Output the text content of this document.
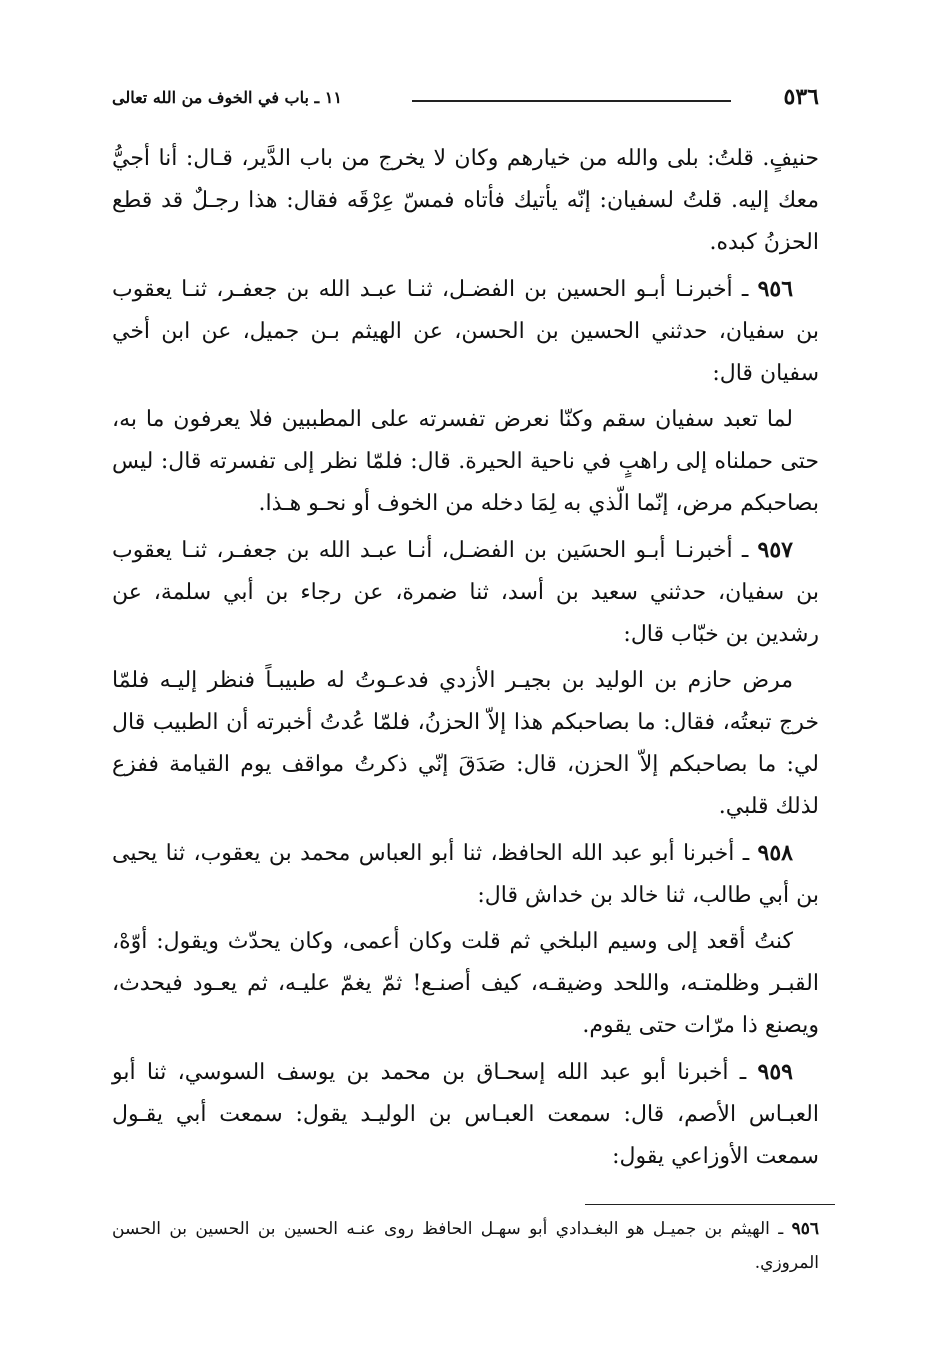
٥٣٦
١١ ـ باب في الخوف من الله تعالى

حنيفٍ. قلتُ: بلى والله من خيارهم وكان لا يخرج من باب الدَّير، قـال: أنا أجيُّ معك إليه. قلتُ لسفيان: إنّه يأتيك فأتاه فمسّ عِرْقَه فقال: هذا رجـلٌ قد قطع الحزنُ كبده.

٩٥٦ ـ أخبرنـا أبـو الحسين بن الفضـل، ثنـا عبـد الله بن جعفـر، ثنـا يعقوب بن سفيان، حدثني الحسين بن الحسن، عن الهيثم بـن جميل، عن ابن أخي سفيان قال:

لما تعبد سفيان سقم وكنّا نعرض تفسرته على المطببين فلا يعرفون ما به، حتى حملناه إلى راهبٍ في ناحية الحيرة. قال: فلمّا نظر إلى تفسرته قال: ليس بصاحبكم مرض، إنّما الّذي به لِمَا دخله من الخوف أو نحـو هـذا.

٩٥٧ ـ أخبرنـا أبـو الحسَين بن الفضـل، أنـا عبـد الله بن جعفـر، ثنـا يعقوب بن سفيان، حدثني سعيد بن أسد، ثنا ضمرة، عن رجاء بن أبي سلمة، عن رشدين بن خبّاب قال:

مرض حازم بن الوليد بن بجيـر الأزدي فدعـوتُ له طبيبـاً فنظر إليـه فلمّا خرج تبعتُه، فقال: ما بصاحبكم هذا إلاّ الحزنُ، فلمّا عُدتُ أخبرته أن الطبيب قال لي: ما بصاحبكم إلاّ الحزن، قال: صَدَقَ إنّي ذكرتُ مواقف يوم القيامة ففزع لذلك قلبي.

٩٥٨ ـ أخبرنا أبو عبد الله الحافظ، ثنا أبو العباس محمد بن يعقوب، ثنا يحيى بن أبي طالب، ثنا خالد بن خداش قال:

كنتُ أقعد إلى وسيم البلخي ثم قلت وكان أعمى، وكان يحدّث ويقول: أوّهْ، القبـر وظلمتـه، واللحد وضيقـه، كيف أصنـع! ثمّ يغمّ عليـه، ثم يعـود فيحدث، ويصنع ذا مرّات حتى يقوم.

٩٥٩ ـ أخبرنا أبو عبد الله إسحـاق بن محمد بن يوسف السوسي، ثنا أبو العبـاس الأصم، قال: سمعت العبـاس بن الوليـد يقول: سمعت أبي يقـول سمعت الأوزاعي يقول:

٩٥٦ ـ الهيثم بن جميـل هو البغـدادي أبو سهـل الحافظ روى عنـه الحسين بن الحسين بن الحسن المروزي.
